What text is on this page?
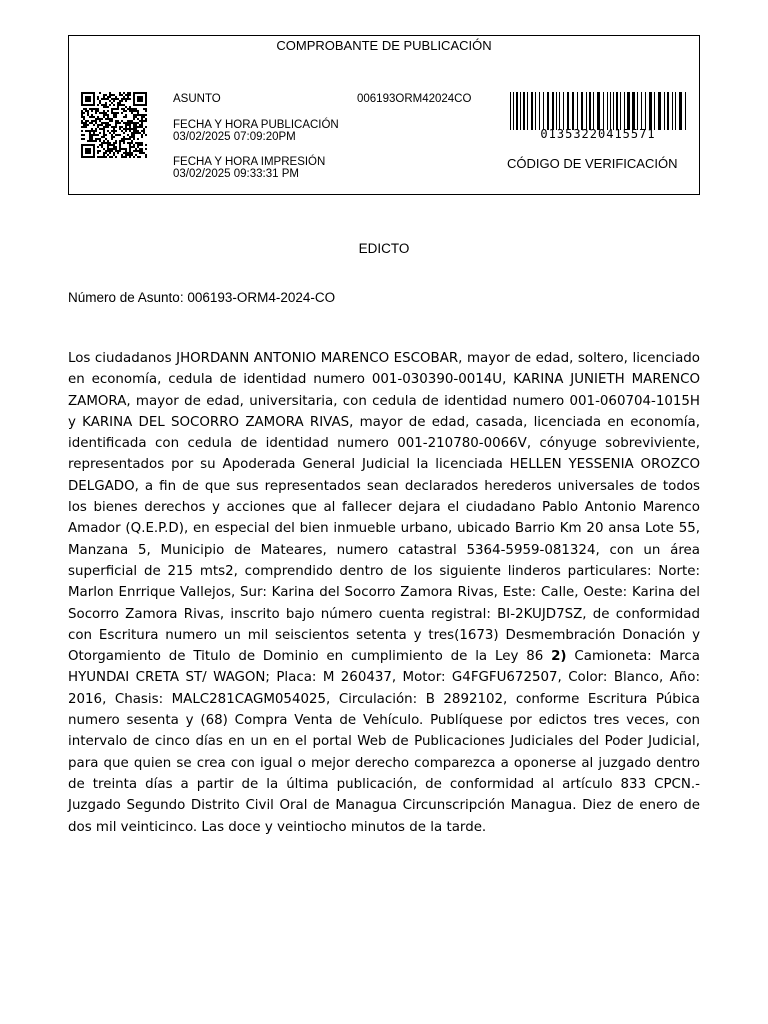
COMPROBANTE DE PUBLICACIÓN
ASUNTO	006193ORM42024CO
FECHA Y HORA PUBLICACIÓN
03/02/2025 07:09:20PM
FECHA Y HORA IMPRESIÓN
03/02/2025 09:33:31 PM
01353220415571
CÓDIGO DE VERIFICACIÓN
EDICTO
Número de Asunto: 006193-ORM4-2024-CO

Los ciudadanos JHORDANN ANTONIO MARENCO ESCOBAR, mayor de edad, soltero, licenciado en economía, cedula de identidad numero 001-030390-0014U, KARINA JUNIETH MARENCO ZAMORA, mayor de edad, universitaria, con cedula de identidad numero 001-060704-1015H y KARINA DEL SOCORRO ZAMORA RIVAS, mayor de edad, casada, licenciada en economía, identificada con cedula de identidad numero 001-210780-0066V, cónyuge sobreviviente, representados por su Apoderada General Judicial la licenciada HELLEN YESSENIA OROZCO DELGADO, a fin de que sus representados sean declarados herederos universales de todos los bienes derechos y acciones que al fallecer dejara el ciudadano Pablo Antonio Marenco Amador (Q.E.P.D), en especial del bien inmueble urbano, ubicado Barrio Km 20 ansa Lote 55, Manzana 5, Municipio de Mateares, numero catastral 5364-5959-081324, con un área superficial de 215 mts2, comprendido dentro de los siguiente linderos particulares: Norte: Marlon Enrrique Vallejos, Sur: Karina del Socorro Zamora Rivas, Este: Calle, Oeste: Karina del Socorro Zamora Rivas, inscrito bajo número cuenta registral: BI-2KUJD7SZ, de conformidad con Escritura numero un mil seiscientos setenta y tres(1673) Desmembración Donación y Otorgamiento de Titulo de Dominio en cumplimiento de la Ley 86 2) Camioneta: Marca HYUNDAI CRETA ST/ WAGON; Placa: M 260437, Motor: G4FGFU672507, Color: Blanco, Año: 2016, Chasis: MALC281CAGM054025, Circulación: B 2892102, conforme Escritura Púbica numero sesenta y (68) Compra Venta de Vehículo. Publíquese por edictos tres veces, con intervalo de cinco días en un en el portal Web de Publicaciones Judiciales del Poder Judicial, para que quien se crea con igual o mejor derecho comparezca a oponerse al juzgado dentro de treinta días a partir de la última publicación, de conformidad al artículo 833 CPCN.- Juzgado Segundo Distrito Civil Oral de Managua Circunscripción Managua. Diez de enero de dos mil veinticinco. Las doce y veintiocho minutos de la tarde.
